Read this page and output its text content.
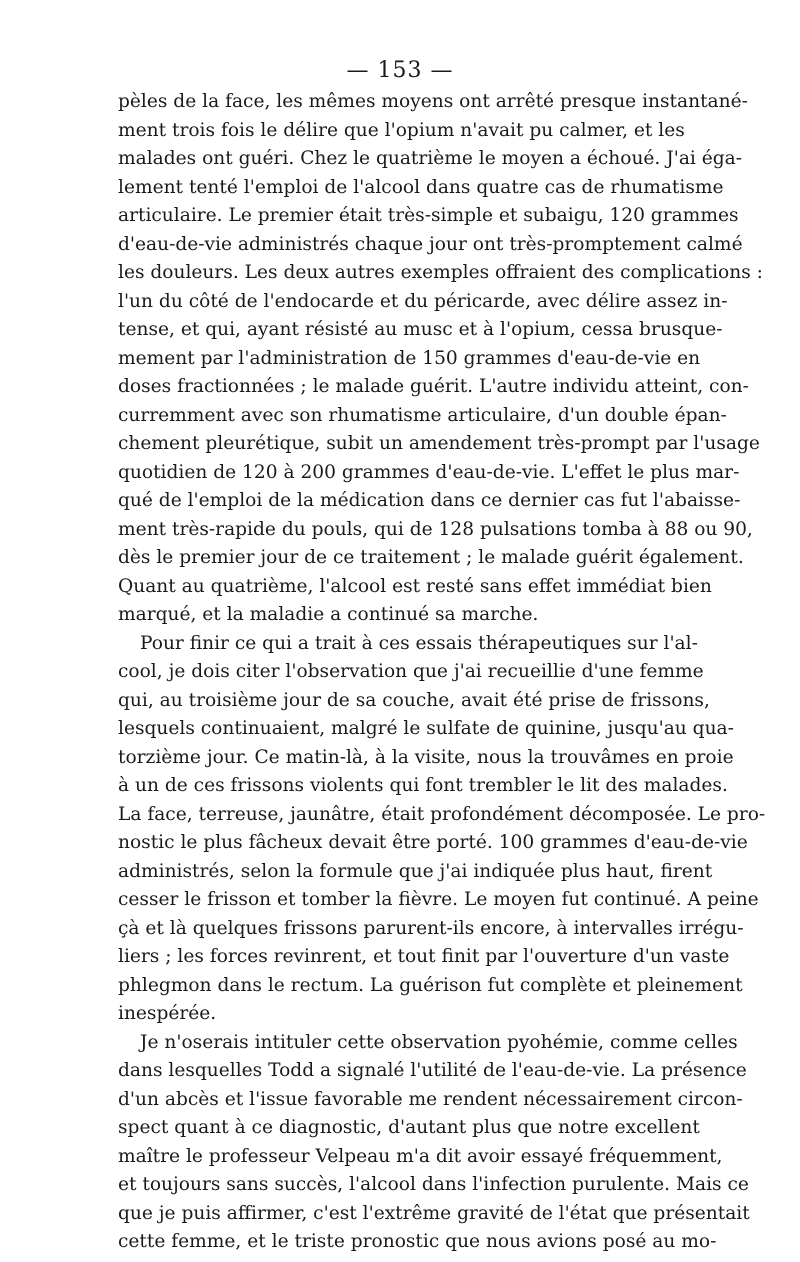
— 153 —
pèles de la face, les mêmes moyens ont arrêté presque instantané-
ment trois fois le délire que l'opium n'avait pu calmer, et les
malades ont guéri. Chez le quatrième le moyen a échoué. J'ai éga-
lement tenté l'emploi de l'alcool dans quatre cas de rhumatisme
articulaire. Le premier était très-simple et subaigu, 120 grammes
d'eau-de-vie administrés chaque jour ont très-promptement calmé
les douleurs. Les deux autres exemples offraient des complications :
l'un du côté de l'endocarde et du péricarde, avec délire assez in-
tense, et qui, ayant résisté au musc et à l'opium, cessa brusque-
mement par l'administration de 150 grammes d'eau-de-vie en
doses fractionnées ; le malade guérit. L'autre individu atteint, con-
curremment avec son rhumatisme articulaire, d'un double épan-
chement pleurétique, subit un amendement très-prompt par l'usage
quotidien de 120 à 200 grammes d'eau-de-vie. L'effet le plus mar-
qué de l'emploi de la médication dans ce dernier cas fut l'abaisse-
ment très-rapide du pouls, qui de 128 pulsations tomba à 88 ou 90,
dès le premier jour de ce traitement ; le malade guérit également.
Quant au quatrième, l'alcool est resté sans effet immédiat bien
marqué, et la maladie a continué sa marche.
Pour finir ce qui a trait à ces essais thérapeutiques sur l'al-
cool, je dois citer l'observation que j'ai recueillie d'une femme
qui, au troisième jour de sa couche, avait été prise de frissons,
lesquels continuaient, malgré le sulfate de quinine, jusqu'au qua-
torzième jour. Ce matin-là, à la visite, nous la trouvâmes en proie
à un de ces frissons violents qui font trembler le lit des malades.
La face, terreuse, jaunâtre, était profondément décomposée. Le pro-
nostic le plus fâcheux devait être porté. 100 grammes d'eau-de-vie
administrés, selon la formule que j'ai indiquée plus haut, firent
cesser le frisson et tomber la fièvre. Le moyen fut continué. A peine
çà et là quelques frissons parurent-ils encore, à intervalles irrégu-
liers ; les forces revinrent, et tout finit par l'ouverture d'un vaste
phlegmon dans le rectum. La guérison fut complète et pleinement
inespérée.
Je n'oserais intituler cette observation pyohémie, comme celles
dans lesquelles Todd a signalé l'utilité de l'eau-de-vie. La présence
d'un abcès et l'issue favorable me rendent nécessairement circon-
spect quant à ce diagnostic, d'autant plus que notre excellent
maître le professeur Velpeau m'a dit avoir essayé fréquemment,
et toujours sans succès, l'alcool dans l'infection purulente. Mais ce
que je puis affirmer, c'est l'extrême gravité de l'état que présentait
cette femme, et le triste pronostic que nous avions posé au mo-
